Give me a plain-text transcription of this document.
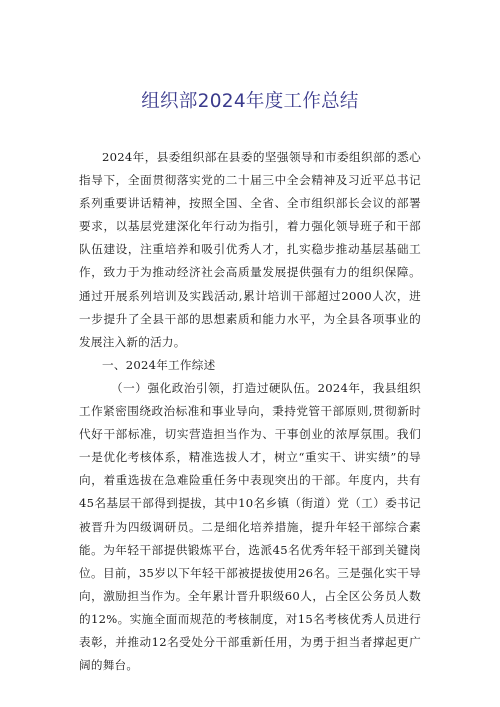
组织部2024年度工作总结

2024年，县委组织部在县委的坚强领导和市委组织部的悉心指导下，全面贯彻落实党的二十届三中全会精神及习近平总书记系列重要讲话精神，按照全国、全省、全市组织部长会议的部署要求，以基层党建深化年行动为指引，着力强化领导班子和干部队伍建设，注重培养和吸引优秀人才，扎实稳步推动基层基础工作，致力于为推动经济社会高质量发展提供强有力的组织保障。通过开展系列培训及实践活动,累计培训干部超过2000人次，进一步提升了全县干部的思想素质和能力水平，为全县各项事业的发展注入新的活力。

一、2024年工作综述

（一）强化政治引领，打造过硬队伍。2024年，我县组织工作紧密围绕政治标准和事业导向，秉持党管干部原则,贯彻新时代好干部标准，切实营造担当作为、干事创业的浓厚氛围。我们一是优化考核体系，精准选拔人才，树立“重实干、讲实绩”的导向，着重选拔在急难险重任务中表现突出的干部。年度内，共有45名基层干部得到提拔，其中10名乡镇（街道）党（工）委书记被晋升为四级调研员。二是细化培养措施，提升年轻干部综合素能。为年轻干部提供锻炼平台，选派45名优秀年轻干部到关键岗位。目前，35岁以下年轻干部被提拔使用26名。三是强化实干导向，激励担当作为。全年累计晋升职级60人，占全区公务员人数的12%。实施全面而规范的考核制度，对15名考核优秀人员进行表彰，并推动12名受处分干部重新任用，为勇于担当者撑起更广阔的舞台。
